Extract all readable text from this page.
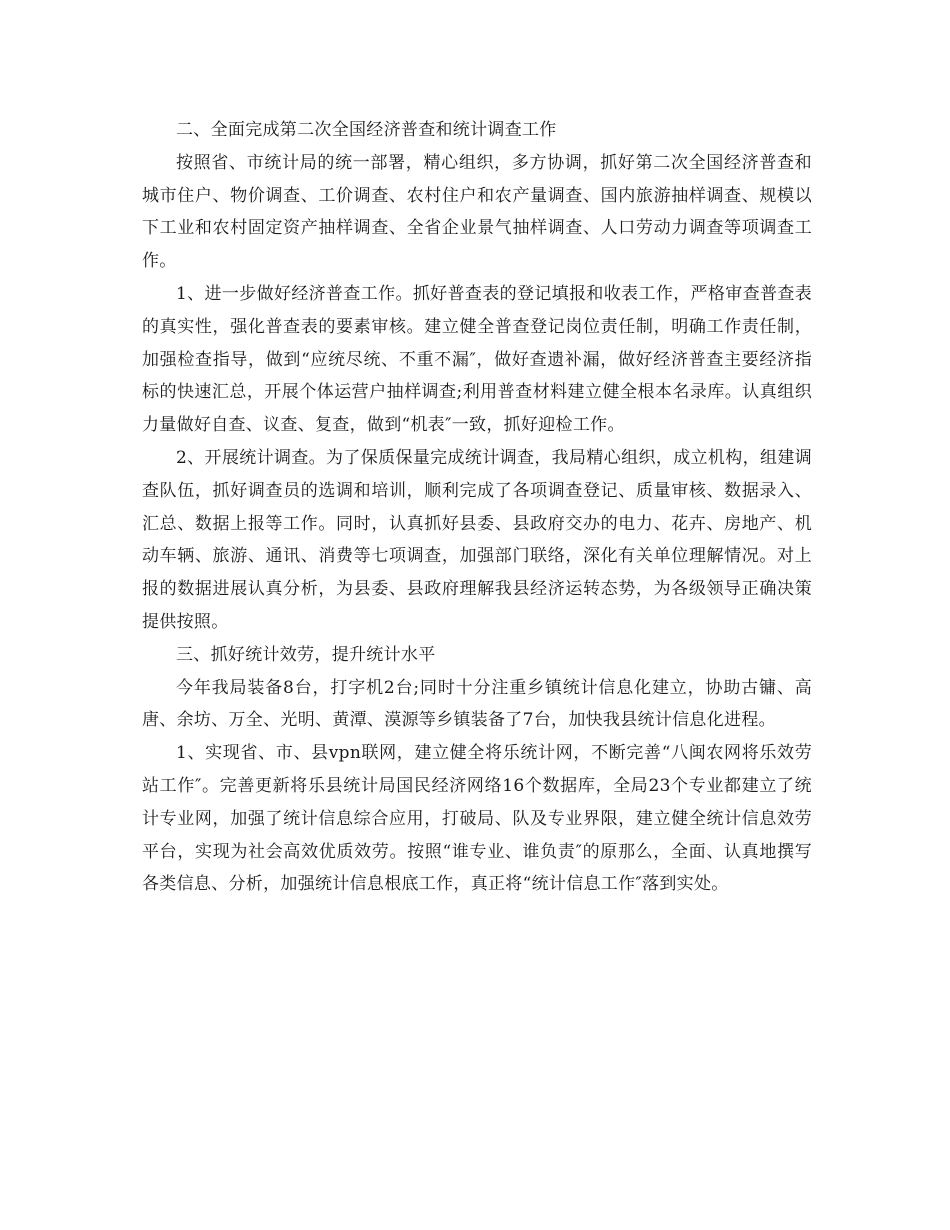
二、全面完成第二次全国经济普查和统计调查工作

按照省、市统计局的统一部署，精心组织，多方协调，抓好第二次全国经济普查和城市住户、物价调查、工价调查、农村住户和农产量调查、国内旅游抽样调查、规模以下工业和农村固定资产抽样调查、全省企业景气抽样调查、人口劳动力调查等项调查工作。

1、进一步做好经济普查工作。抓好普查表的登记填报和收表工作，严格审查普查表的真实性，强化普查表的要素审核。建立健全普查登记岗位责任制，明确工作责任制，加强检查指导，做到“应统尽统、不重不漏″，做好查遗补漏，做好经济普查主要经济指标的快速汇总，开展个体运营户抽样调查;利用普查材料建立健全根本名录库。认真组织力量做好自查、议查、复查，做到“机表″一致，抓好迎检工作。

2、开展统计调查。为了保质保量完成统计调查，我局精心组织，成立机构，组建调查队伍，抓好调查员的选调和培训，顺利完成了各项调查登记、质量审核、数据录入、汇总、数据上报等工作。同时，认真抓好县委、县政府交办的电力、花卉、房地产、机动车辆、旅游、通讯、消费等七项调查，加强部门联络，深化有关单位理解情况。对上报的数据进展认真分析，为县委、县政府理解我县经济运转态势，为各级领导正确决策提供按照。

三、抓好统计效劳，提升统计水平

今年我局装备8台，打字机2台;同时十分注重乡镇统计信息化建立，协助古镛、高唐、余坊、万全、光明、黄潭、漠源等乡镇装备了7台，加快我县统计信息化进程。

1、实现省、市、县vpn联网，建立健全将乐统计网，不断完善“八闽农网将乐效劳站工作″。完善更新将乐县统计局国民经济网络16个数据库，全局23个专业都建立了统计专业网，加强了统计信息综合应用，打破局、队及专业界限，建立健全统计信息效劳平台，实现为社会高效优质效劳。按照“谁专业、谁负责″的原那么，全面、认真地撰写各类信息、分析，加强统计信息根底工作，真正将“统计信息工作″落到实处。
